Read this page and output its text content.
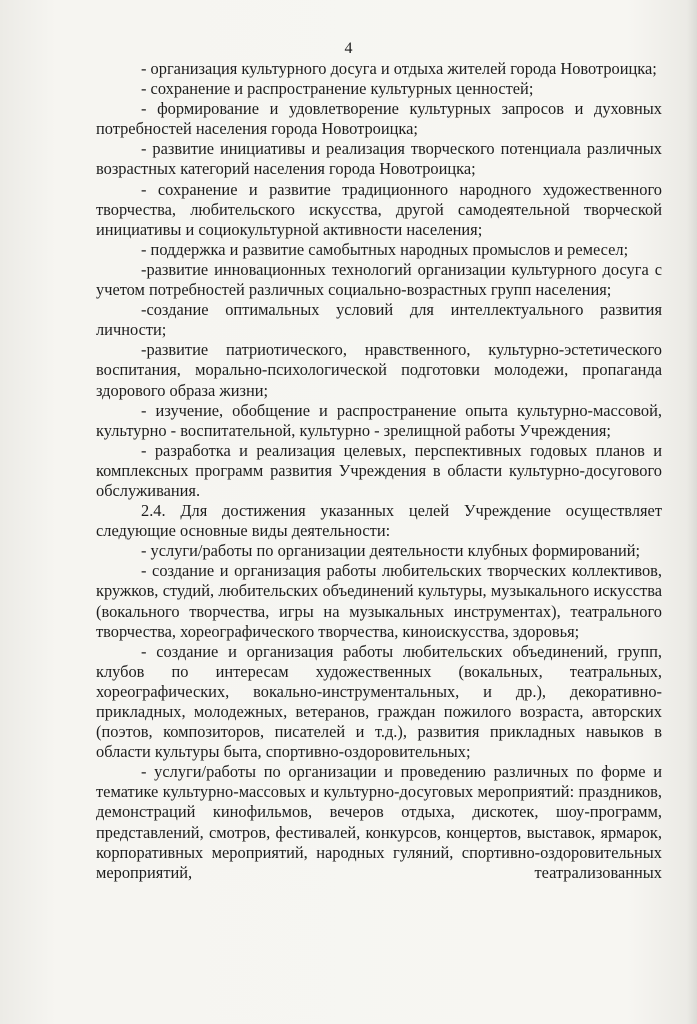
4

- организация культурного досуга и отдыха жителей города Новотроицка;

- сохранение и распространение культурных ценностей;

- формирование и удовлетворение культурных запросов и духовных потребностей населения города Новотроицка;

- развитие инициативы и реализация творческого потенциала различных возрастных категорий населения города Новотроицка;

- сохранение и развитие традиционного народного художественного творчества, любительского искусства, другой самодеятельной творческой инициативы и социокультурной активности населения;

- поддержка и развитие самобытных народных промыслов и ремесел;

-развитие инновационных технологий организации культурного досуга с учетом потребностей различных социально-возрастных групп населения;

-создание оптимальных условий для интеллектуального развития личности;

-развитие патриотического, нравственного, культурно-эстетического воспитания, морально-психологической подготовки молодежи, пропаганда здорового образа жизни;

- изучение, обобщение и распространение опыта культурно-массовой, культурно - воспитательной, культурно - зрелищной работы Учреждения;

- разработка и реализация целевых, перспективных годовых планов и комплексных программ развития Учреждения в области культурно-досугового обслуживания.

2.4. Для достижения указанных целей Учреждение осуществляет следующие основные виды деятельности:

- услуги/работы по организации деятельности клубных формирований;

- создание и организация работы любительских творческих коллективов, кружков, студий, любительских объединений культуры, музыкального искусства (вокального творчества, игры на музыкальных инструментах), театрального творчества, хореографического творчества, киноискусства, здоровья;

- создание и организация работы любительских объединений, групп, клубов по интересам художественных (вокальных, театральных, хореографических, вокально-инструментальных, и др.), декоративно-прикладных, молодежных, ветеранов, граждан пожилого возраста, авторских (поэтов, композиторов, писателей и т.д.), развития прикладных навыков в области культуры быта, спортивно-оздоровительных;

- услуги/работы по организации и проведению различных по форме и тематике культурно-массовых и культурно-досуговых мероприятий: праздников, демонстраций кинофильмов, вечеров отдыха, дискотек, шоу-программ, представлений, смотров, фестивалей, конкурсов, концертов, выставок, ярмарок, корпоративных мероприятий, народных гуляний, спортивно-оздоровительных мероприятий, театрализованных
